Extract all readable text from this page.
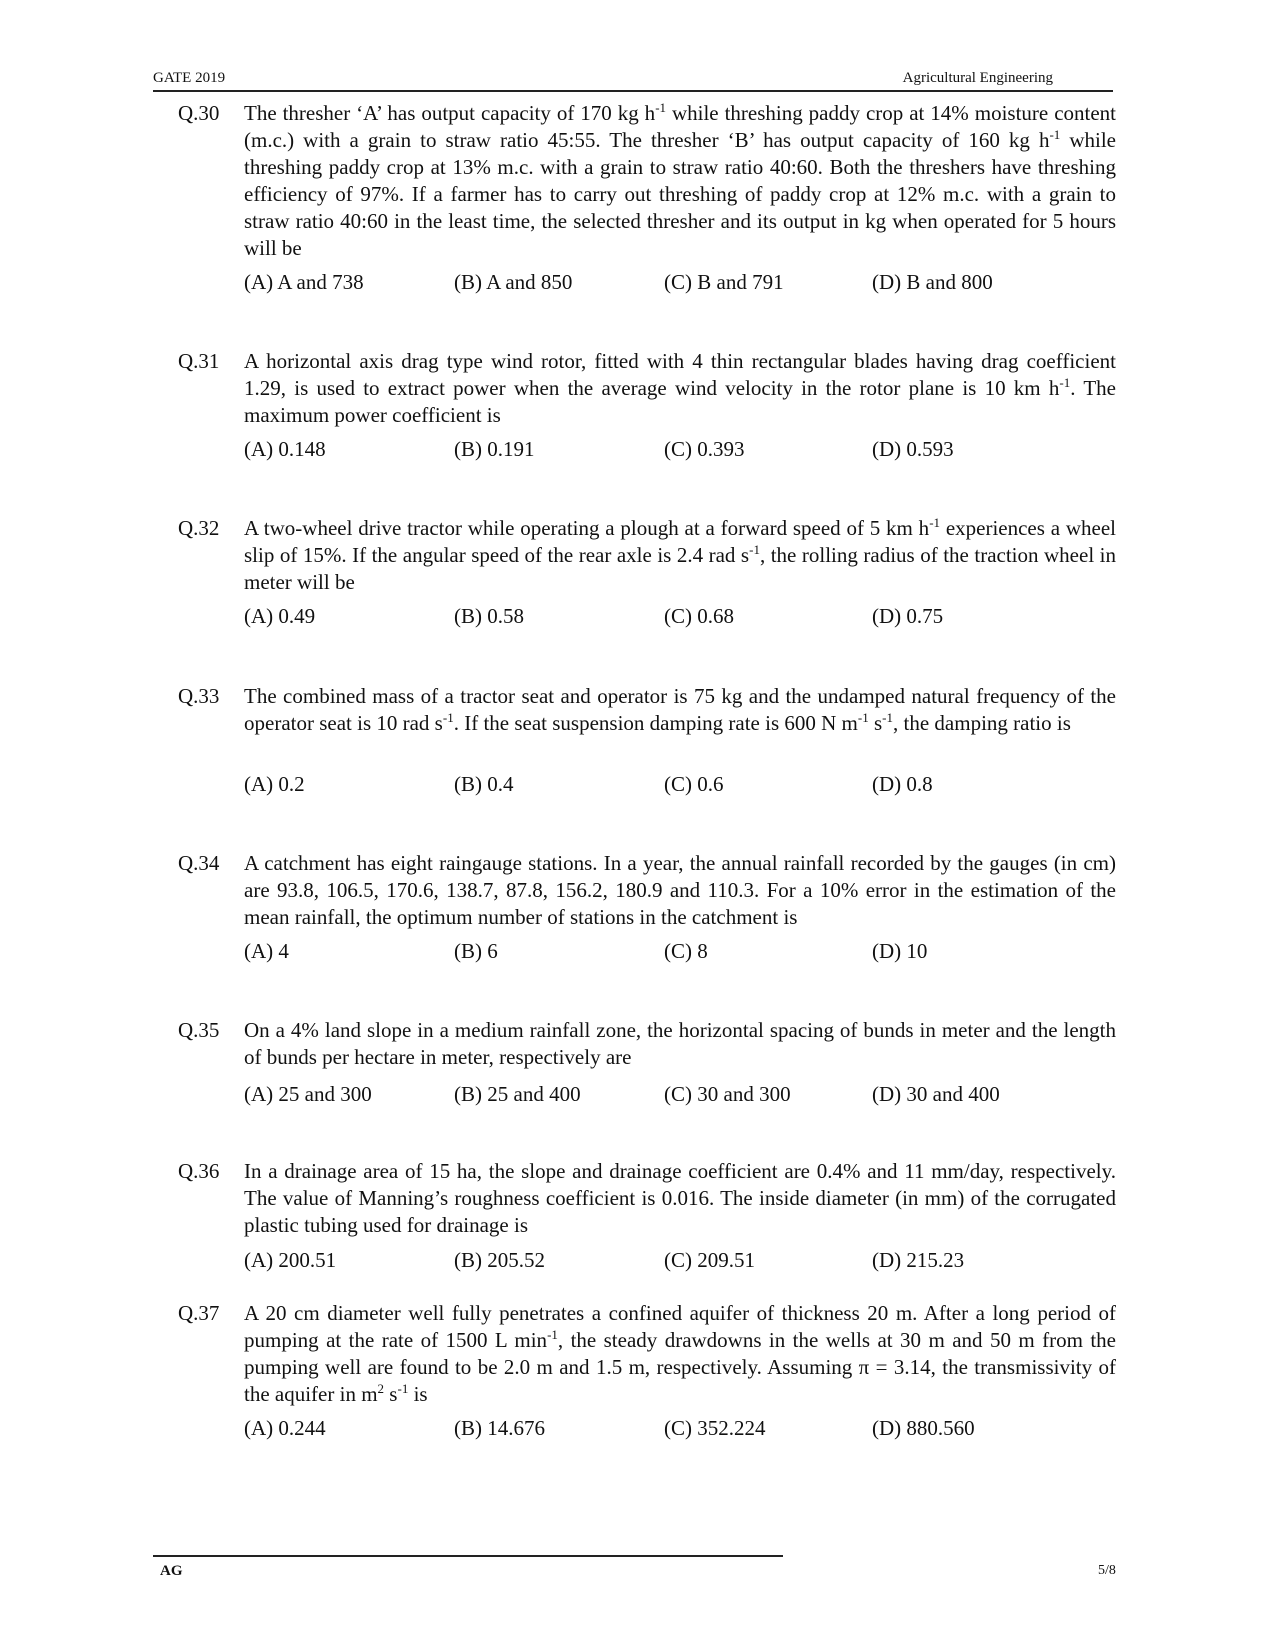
GATE 2019	Agricultural Engineering
Q.30	The thresher ‘A’ has output capacity of 170 kg $h^{-1}$ while threshing paddy crop at 14% moisture content (m.c.) with a grain to straw ratio 45:55. The thresher ‘B’ has output capacity of 160 kg $h^{-1}$ while threshing paddy crop at 13% m.c. with a grain to straw ratio 40:60. Both the threshers have threshing efficiency of 97%. If a farmer has to carry out threshing of paddy crop at 12% m.c. with a grain to straw ratio 40:60 in the least time, the selected thresher and its output in kg when operated for 5 hours will be
(A) A and 738	(B) A and 850	(C) B and 791	(D) B and 800
Q.31	A horizontal axis drag type wind rotor, fitted with 4 thin rectangular blades having drag coefficient 1.29, is used to extract power when the average wind velocity in the rotor plane is 10 km $h^{-1}$. The maximum power coefficient is
(A) 0.148	(B) 0.191	(C) 0.393	(D) 0.593
Q.32	A two-wheel drive tractor while operating a plough at a forward speed of 5 km $h^{-1}$ experiences a wheel slip of 15%. If the angular speed of the rear axle is 2.4 rad $s^{-1}$, the rolling radius of the traction wheel in meter will be
(A) 0.49	(B) 0.58	(C) 0.68	(D) 0.75
Q.33	The combined mass of a tractor seat and operator is 75 kg and the undamped natural frequency of the operator seat is 10 rad $s^{-1}$. If the seat suspension damping rate is 600 N $m^{-1}$ $s^{-1}$, the damping ratio is
(A) 0.2	(B) 0.4	(C) 0.6	(D) 0.8
Q.34	A catchment has eight raingauge stations. In a year, the annual rainfall recorded by the gauges (in cm) are 93.8, 106.5, 170.6, 138.7, 87.8, 156.2, 180.9 and 110.3. For a 10% error in the estimation of the mean rainfall, the optimum number of stations in the catchment is
(A) 4	(B) 6	(C) 8	(D) 10
Q.35	On a 4% land slope in a medium rainfall zone, the horizontal spacing of bunds in meter and the length of bunds per hectare in meter, respectively are
(A) 25 and 300	(B) 25 and 400	(C) 30 and 300	(D) 30 and 400
Q.36	In a drainage area of 15 ha, the slope and drainage coefficient are 0.4% and 11 mm/day, respectively. The value of Manning’s roughness coefficient is 0.016. The inside diameter (in mm) of the corrugated plastic tubing used for drainage is
(A) 200.51	(B) 205.52	(C) 209.51	(D) 215.23
Q.37	A 20 cm diameter well fully penetrates a confined aquifer of thickness 20 m. After a long period of pumping at the rate of 1500 L $\min^{-1}$, the steady drawdowns in the wells at 30 m and 50 m from the pumping well are found to be 2.0 m and 1.5 m, respectively. Assuming π = 3.14, the transmissivity of the aquifer in $m^2$ $s^{-1}$ is
(A) 0.244	(B) 14.676	(C) 352.224	(D) 880.560
AG	5/8
